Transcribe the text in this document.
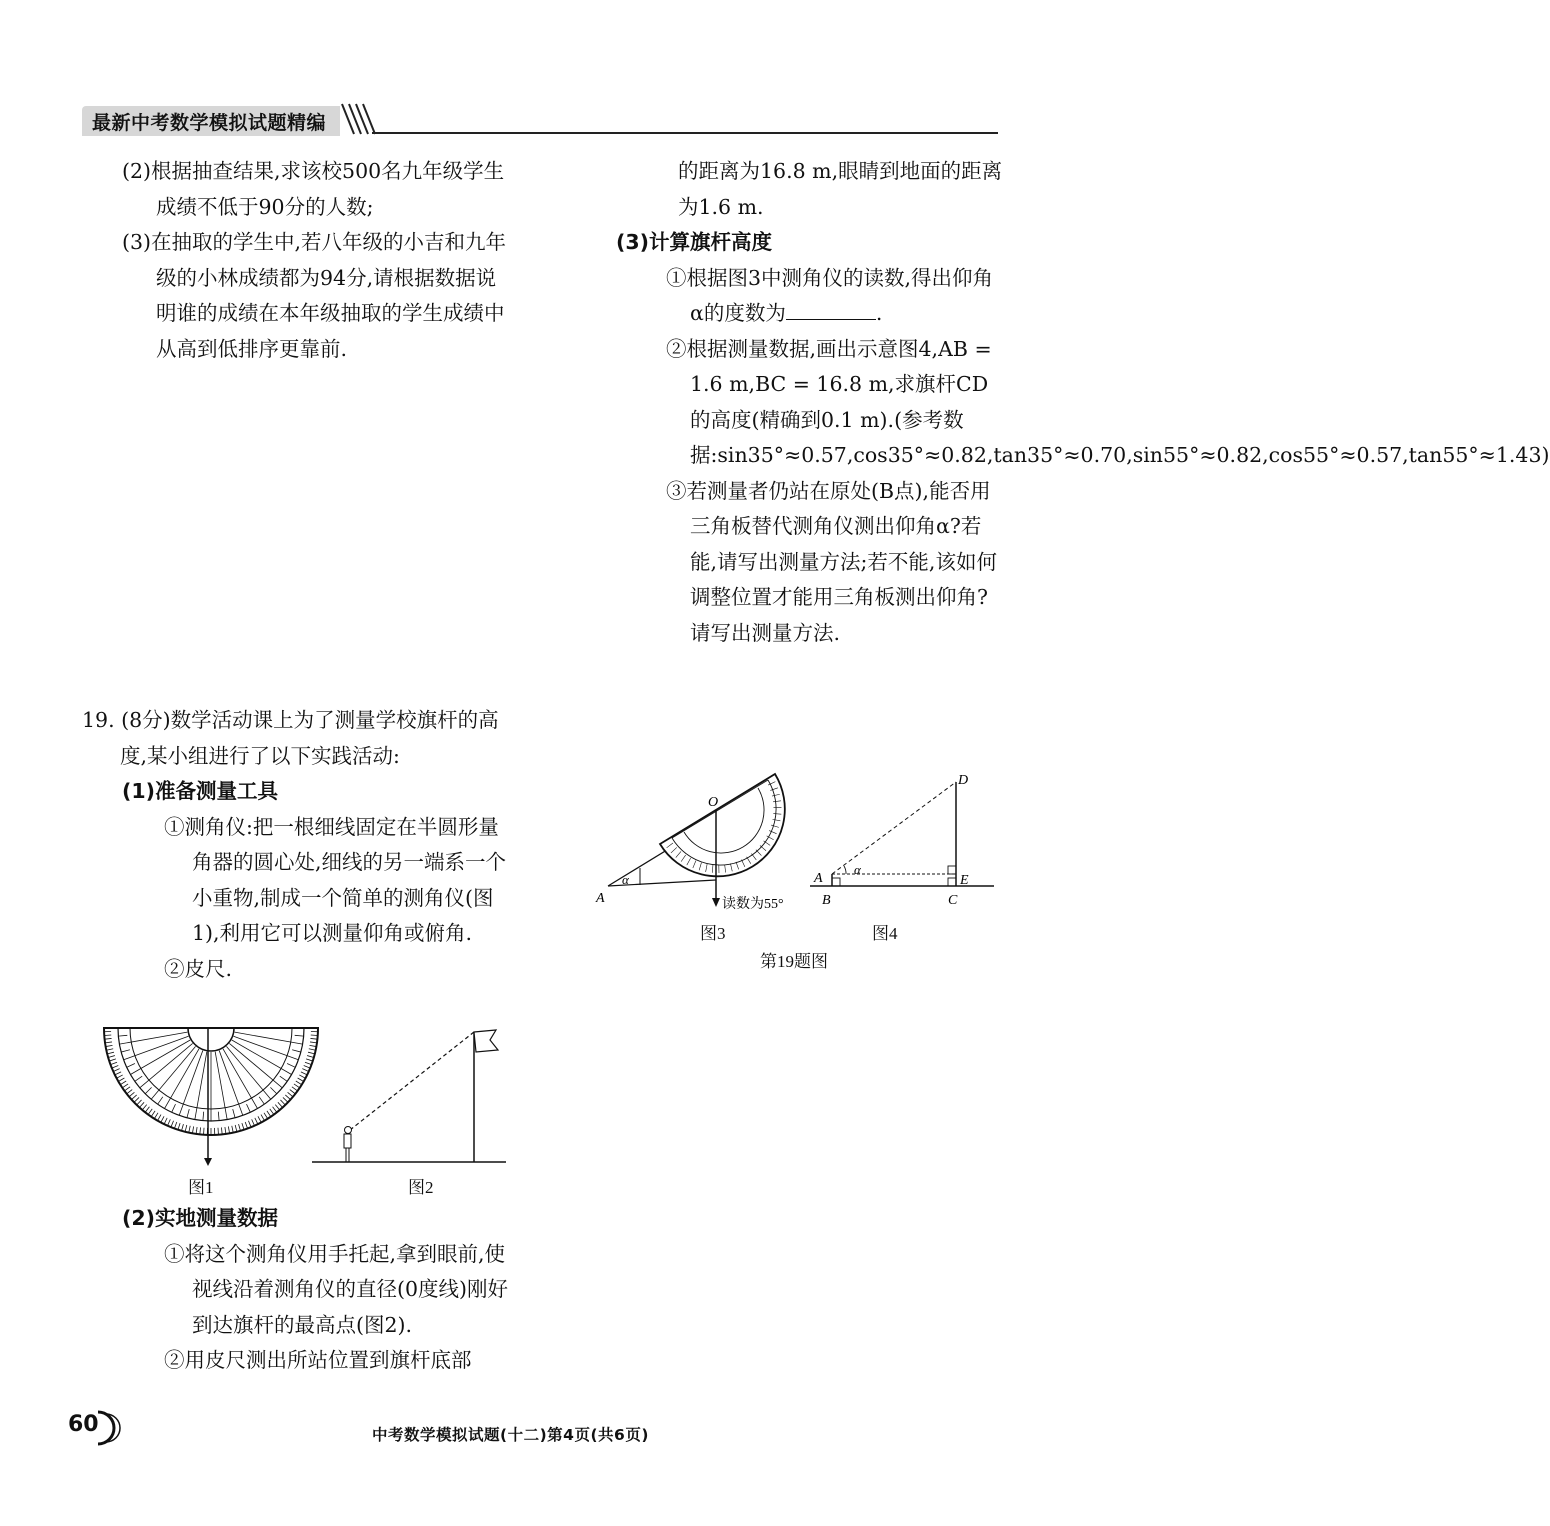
最新中考数学模拟试题精编

(2)根据抽查结果,求该校500名九年级学生成绩不低于90分的人数;

(3)在抽取的学生中,若八年级的小吉和九年级的小林成绩都为94分,请根据数据说明谁的成绩在本年级抽取的学生成绩中从高到低排序更靠前.

19. (8分)数学活动课上为了测量学校旗杆的高度,某小组进行了以下实践活动:

(1)准备测量工具

①测角仪:把一根细线固定在半圆形量角器的圆心处,细线的另一端系一个小重物,制成一个简单的测角仪(图1),利用它可以测量仰角或俯角.

②皮尺.

图1	图2

(2)实地测量数据

①将这个测角仪用手托起,拿到眼前,使视线沿着测角仪的直径(0度线)刚好到达旗杆的最高点(图2).

②用皮尺测出所站位置到旗杆底部

的距离为16.8 m,眼睛到地面的距离为1.6 m.

(3)计算旗杆高度

①根据图3中测角仪的读数,得出仰角α的度数为	.

②根据测量数据,画出示意图4,AB = 1.6 m,BC = 16.8 m,求旗杆CD的高度(精确到0.1 m).(参考数据:sin35°≈0.57,cos35°≈0.82,tan35°≈0.70,sin55°≈0.82,cos55°≈0.57,tan55°≈1.43)

③若测量者仍站在原处(B点),能否用三角板替代测角仪测出仰角α?若能,请写出测量方法;若不能,该如何调整位置才能用三角板测出仰角?请写出测量方法.

O
A
α
读数为55°
图3
D
A
α
E
B	C
图4
第19题图
60	中考数学模拟试题(十二)第4页(共6页)
